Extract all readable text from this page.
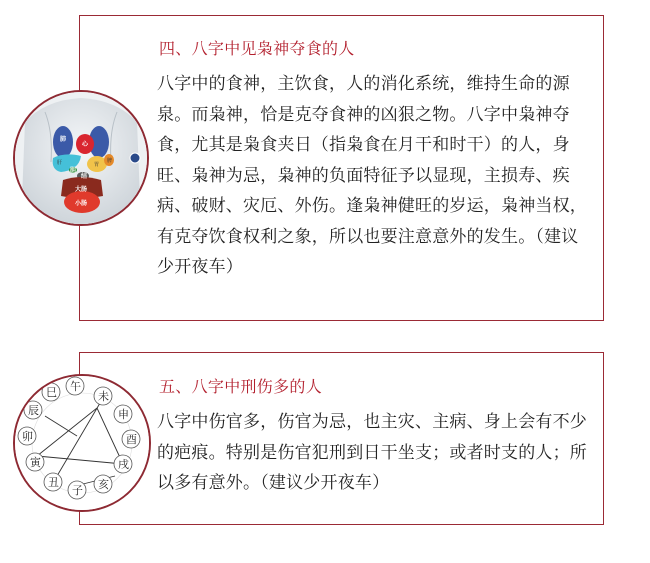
四、八字中见枭神夺食的人

八字中的食神，主饮食，人的消化系统，维持生命的源泉。而枭神，恰是克夺食神的凶狠之物。八字中枭神夺食，尤其是枭食夹日（指枭食在月干和时干）的人，身旺、枭神为忌，枭神的负面特征予以显现，主损寿、疾病、破财、灾厄、外伤。逢枭神健旺的岁运，枭神当权，有克夺饮食权利之象，所以也要注意意外的发生。（建议少开夜车）

五、八字中刑伤多的人

八字中伤官多，伤官为忌，也主灾、主病、身上会有不少的疤痕。特别是伤官犯刑到日干坐支；或者时支的人；所以多有意外。（建议少开夜车）

肺
肝	胃
脾
心
胆
结
大肠
小肠
午
未
申
酉
戌
亥
子
丑
寅
卯
辰
巳
